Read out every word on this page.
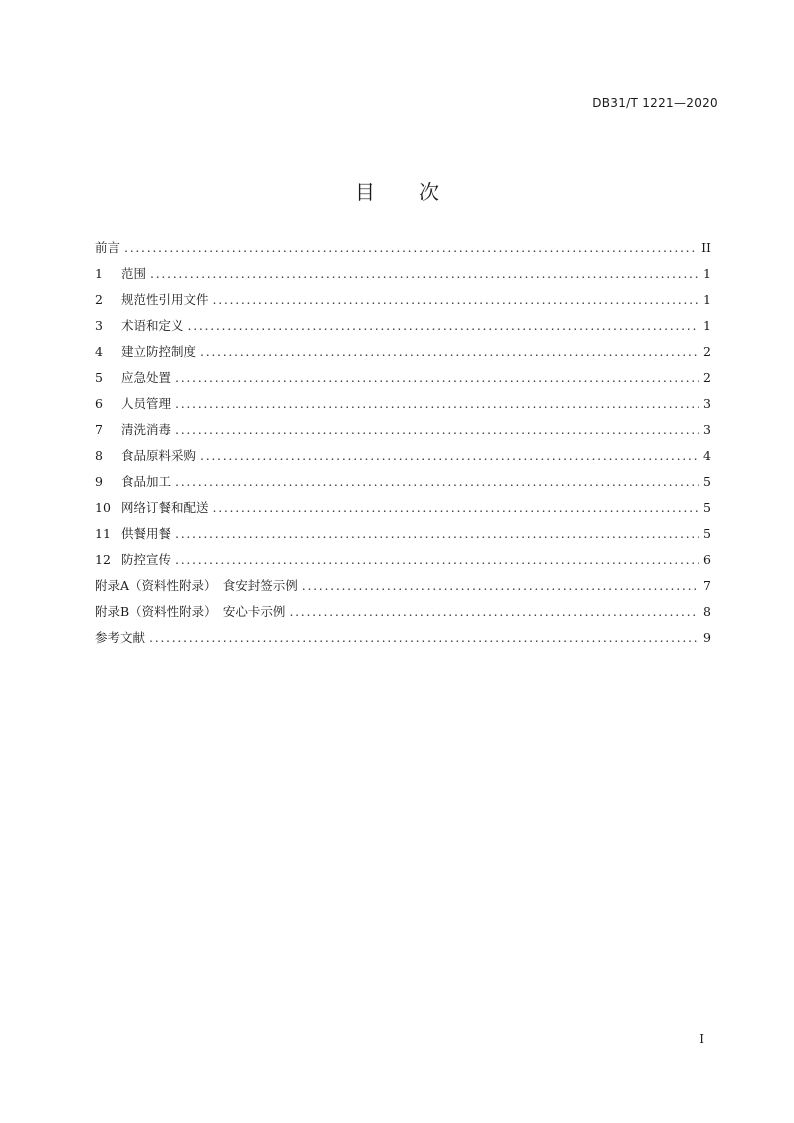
DB31/T 1221—2020
目次
前言 .....	II
1	范围 .....	1
2	规范性引用文件 .....	1
3	术语和定义 .....	1
4	建立防控制度 .....	2
5	应急处置 .....	2
6	人员管理 .....	3
7	清洗消毒 .....	3
8	食品原料采购 .....	4
9	食品加工 .....	5
10 网络订餐和配送 .....	5
11 供餐用餐 .....	5
12 防控宣传 .....	6
附录A（资料性附录）　食安封签示例 .....	7
附录B（资料性附录）　安心卡示例 .....	8
参考文献 .....	9
I
